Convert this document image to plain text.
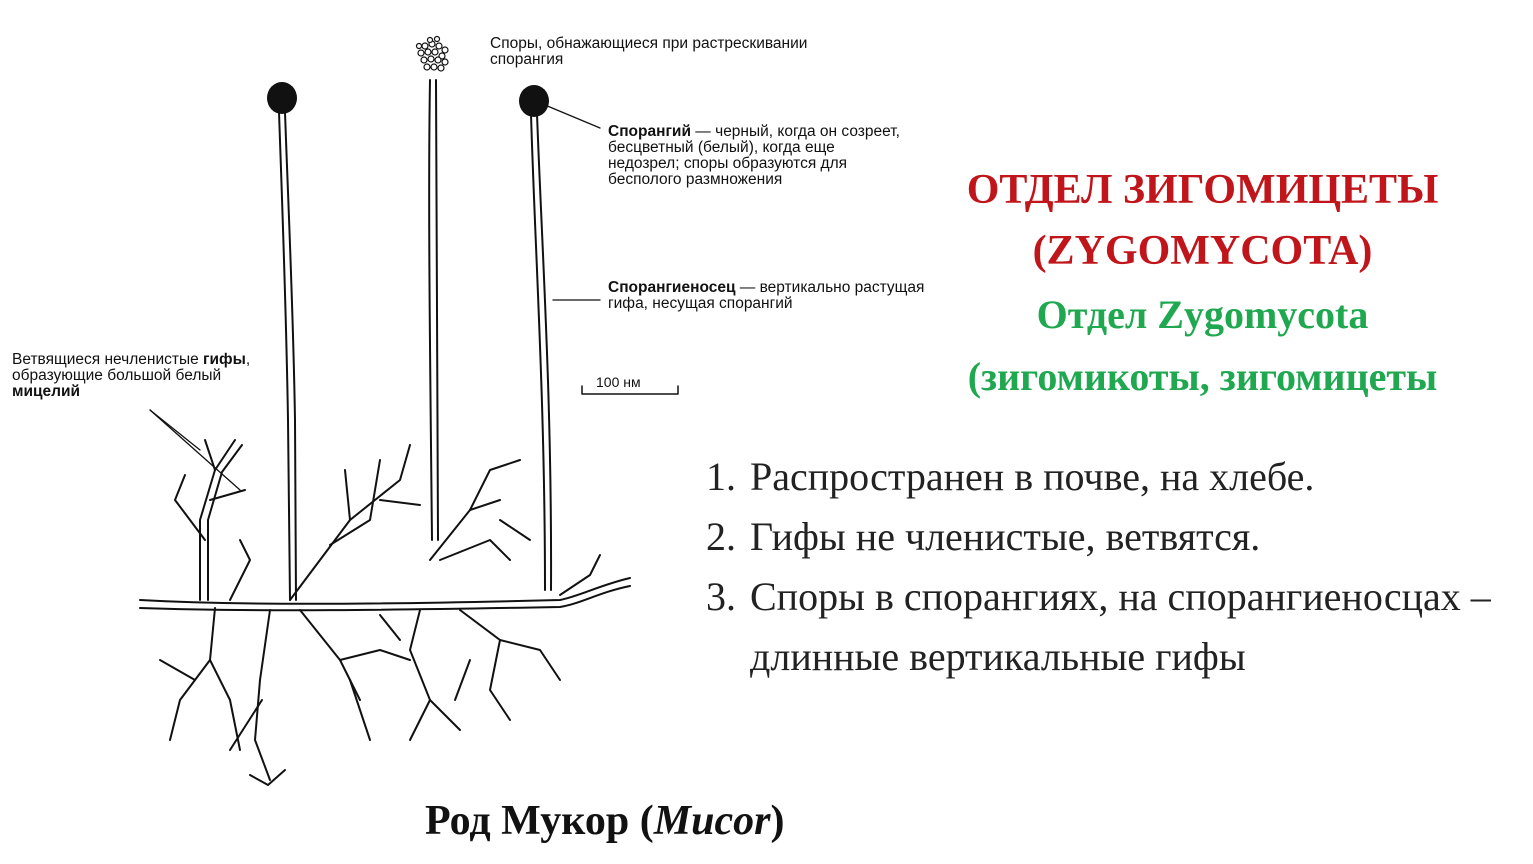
Споры, обнажающиеся при растрескивании спорангия
Спорангий — черный, когда он созреет, бесцветный (белый), когда еще недозрел; споры образуются для бесполого размножения
Спорангиеносец — вертикально растущая гифа, несущая спорангий
Ветвящиеся нечленистые гифы, образующие большой белый мицелий
100 нм
ОТДЕЛ ЗИГОМИЦЕТЫ
(ZYGOMYCOTA)
Отдел Zygomycota
(зигомикоты, зигомицеты
1. Распространен в почве, на хлебе.
2. Гифы не членистые, ветвятся.
3. Споры в спорангиях, на спорангиеносцах – длинные вертикальные гифы
Род Мукор (Mucor)
